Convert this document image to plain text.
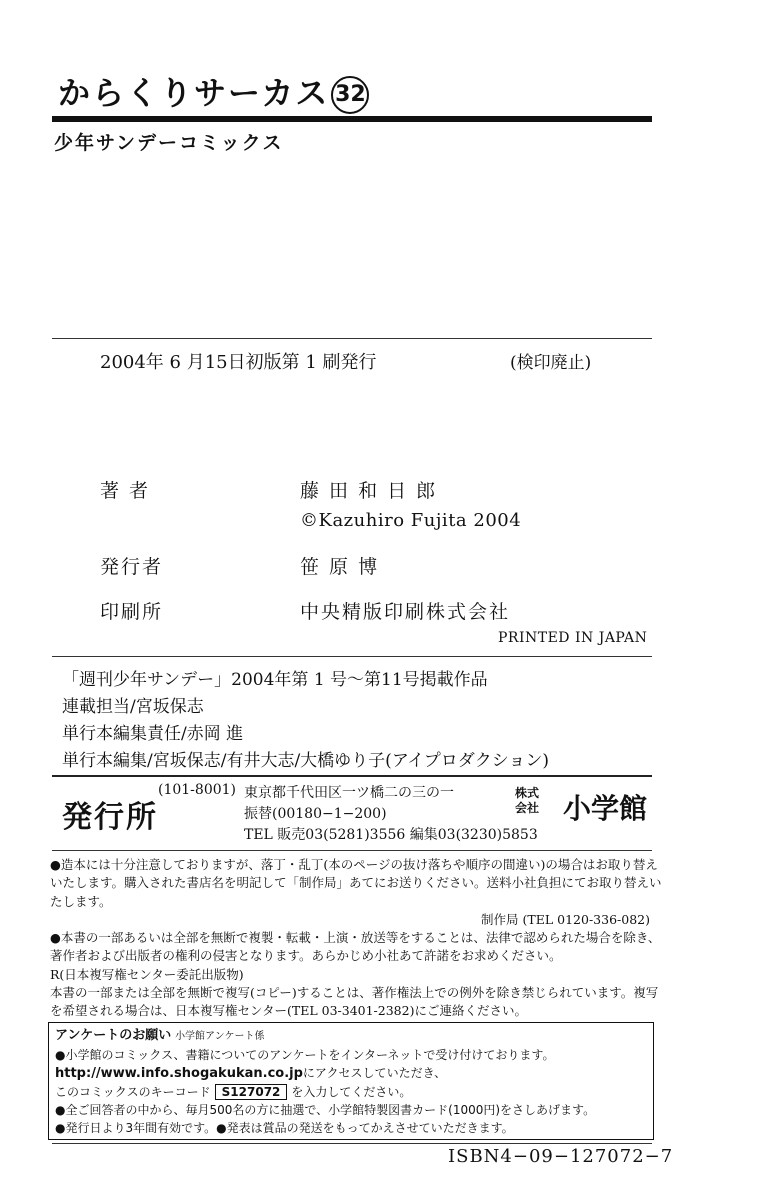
からくりサーカス 32
少年サンデーコミックス
2004年 6 月15日初版第 1 刷発行	(検印廃止)
著 者	藤 田 和 日 郎
©Kazuhiro Fujita 2004
発行者	笹 原 博
印刷所	中央精版印刷株式会社
PRINTED IN JAPAN
「週刊少年サンデー」2004年第 1 号〜第11号掲載作品
連載担当/宮坂保志
単行本編集責任/赤岡 進
単行本編集/宮坂保志/有井大志/大橋ゆり子(アイプロダクション)
発行所
(101-8001) 東京都千代田区一ツ橋二の三の一
振替(00180−1−200)
TEL 販売03(5281)3556 編集03(3230)5853
株式
会社 小学館

●造本には十分注意しておりますが、落丁・乱丁(本のページの抜け落ちや順序の間違い)の場合はお取り替えいたします。購入された書店名を明記して「制作局」あてにお送りください。送料小社負担にてお取り替えいたします。

制作局 (TEL 0120-336-082)

●本書の一部あるいは全部を無断で複製・転載・上演・放送等をすることは、法律で認められた場合を除き、著作者および出版者の権利の侵害となります。あらかじめ小社あて許諾をお求めください。

R(日本複写権センター委託出版物)

本書の一部または全部を無断で複写(コピー)することは、著作権法上での例外を除き禁じられています。複写を希望される場合は、日本複写権センター(TEL 03-3401-2382)にご連絡ください。

アンケートのお願い 小学館アンケート係
●小学館のコミックス、書籍についてのアンケートをインターネットで受け付けております。
http://www.info.shogakukan.co.jpにアクセスしていただき、
このコミックスのキーコード S127072 を入力してください。
●全ご回答者の中から、毎月500名の方に抽選で、小学館特製図書カード(1000円)をさしあげます。
●発行日より3年間有効です。●発表は賞品の発送をもってかえさせていただきます。
ISBN4−09−127072−7
